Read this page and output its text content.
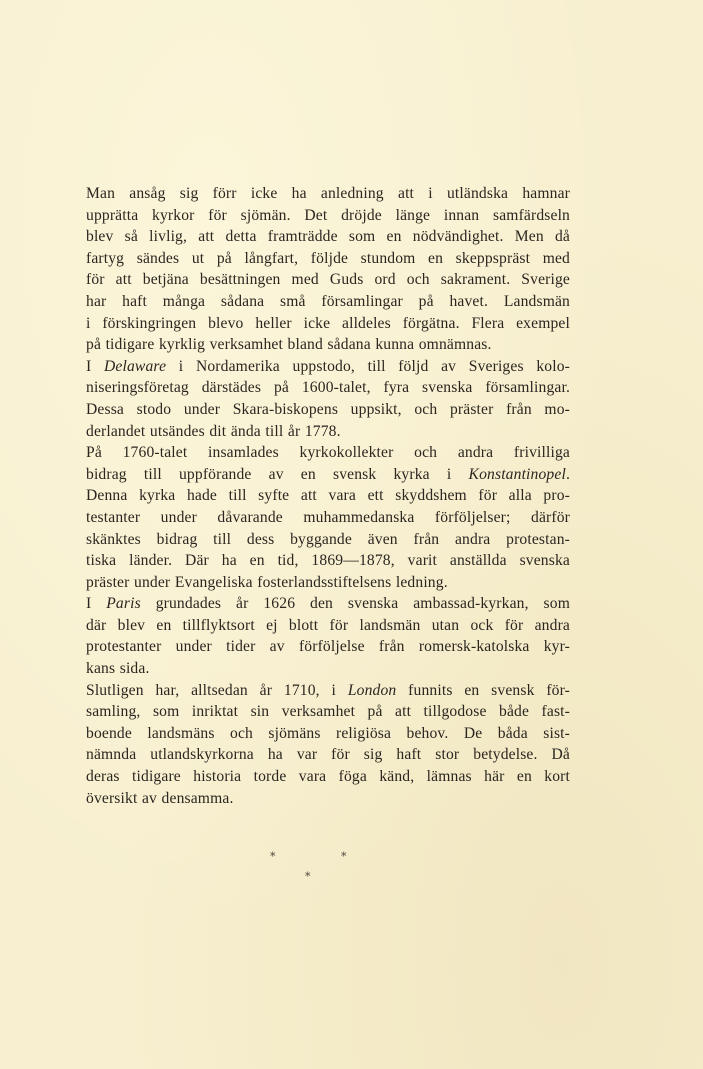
Man ansåg sig förr icke ha anledning att i utländska hamnar
upprätta kyrkor för sjömän. Det dröjde länge innan samfärdseln
blev så livlig, att detta framträdde som en nödvändighet. Men då
fartyg sändes ut på långfart, följde stundom en skeppspräst med
för att betjäna besättningen med Guds ord och sakrament. Sverige
har haft många sådana små församlingar på havet. Landsmän
i förskingringen blevo heller icke alldeles förgätna. Flera exempel
på tidigare kyrklig verksamhet bland sådana kunna omnämnas.

I Delaware i Nordamerika uppstodo, till följd av Sveriges kolo-
niseringsföretag därstädes på 1600-talet, fyra svenska församlingar.
Dessa stodo under Skara-biskopens uppsikt, och präster från mo-
derlandet utsändes dit ända till år 1778.

På 1760-talet insamlades kyrkokollekter och andra frivilliga
bidrag till uppförande av en svensk kyrka i Konstantinopel.
Denna kyrka hade till syfte att vara ett skyddshem för alla pro-
testanter under dåvarande muhammedanska förföljelser; därför
skänktes bidrag till dess byggande även från andra protestan-
tiska länder. Där ha en tid, 1869—1878, varit anställda svenska
präster under Evangeliska fosterlandsstiftelsens ledning.

I Paris grundades år 1626 den svenska ambassad-kyrkan, som
där blev en tillflyktsort ej blott för landsmän utan ock för andra
protestanter under tider av förföljelse från romersk-katolska kyr-
kans sida.

Slutligen har, alltsedan år 1710, i London funnits en svensk för-
samling, som inriktat sin verksamhet på att tillgodose både fast-
boende landsmäns och sjömäns religiösa behov. De båda sist-
nämnda utlandskyrkorna ha var för sig haft stor betydelse. Då
deras tidigare historia torde vara föga känd, lämnas här en kort
översikt av densamma.

*	*
*
